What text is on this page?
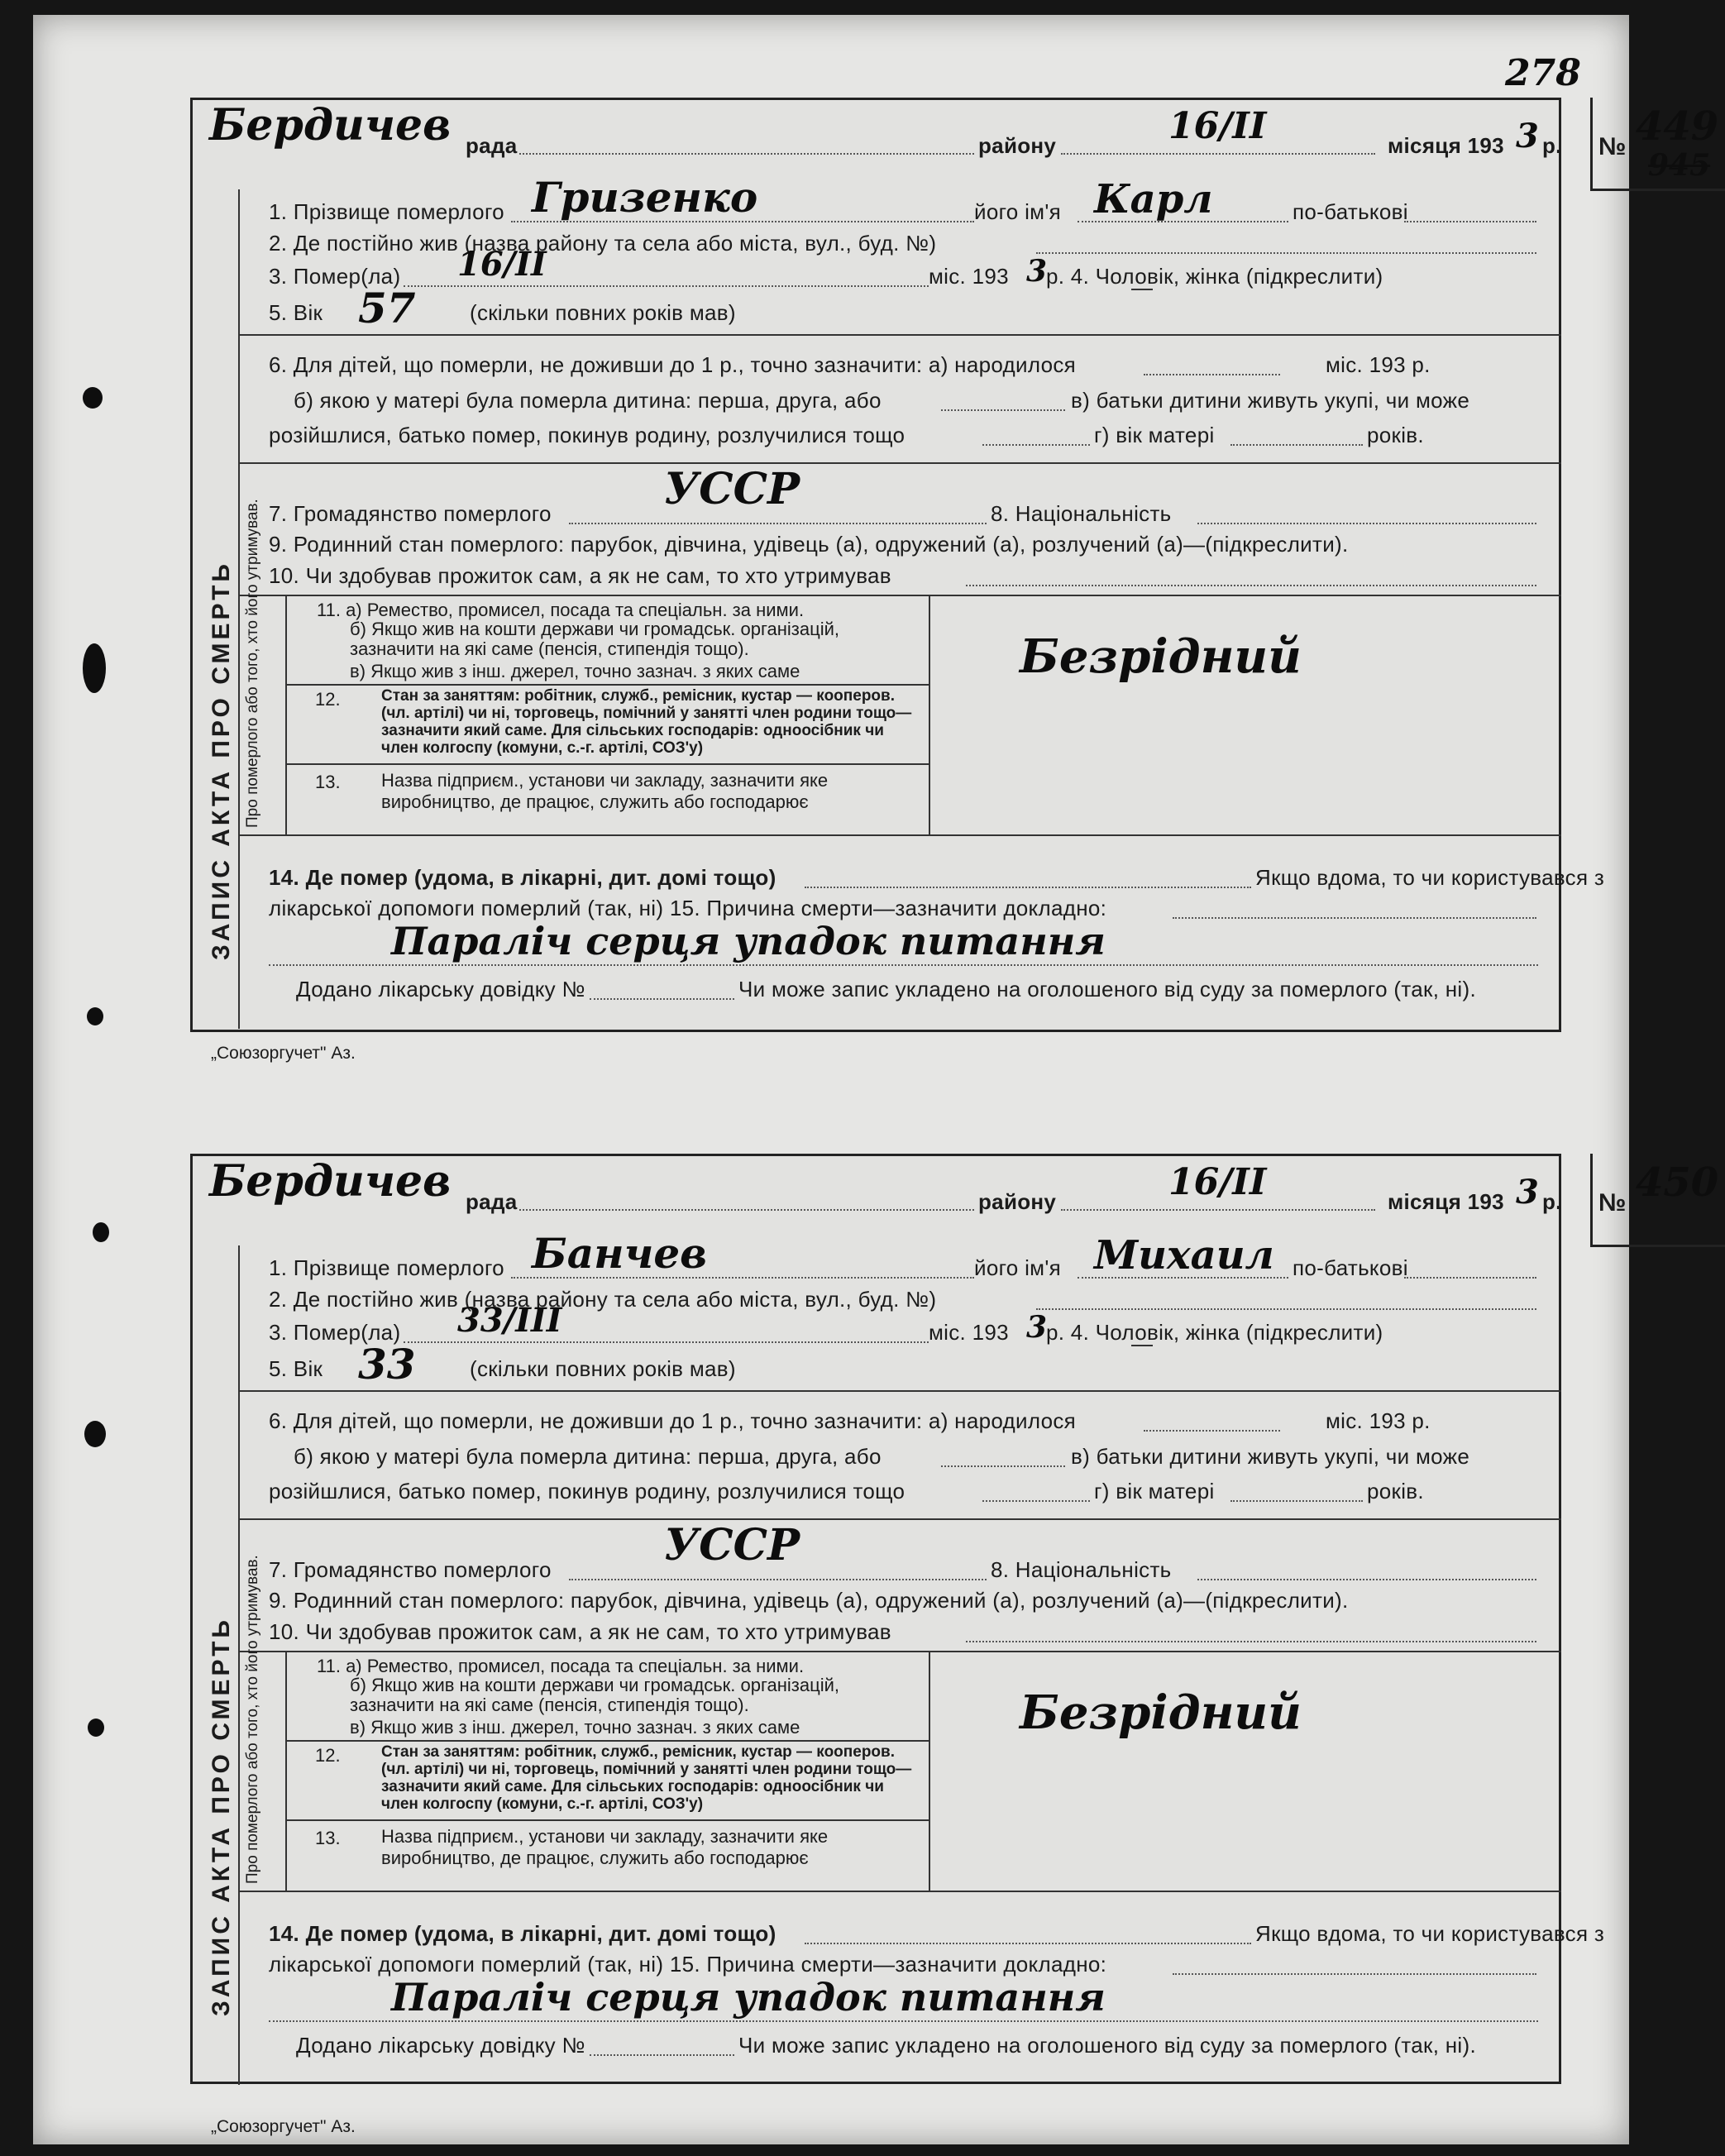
278
Бердичев рада	району	16/II	місяця 193 3 р. № 449
945
ЗАПИС АКТА ПРО СМЕРТЬ
1. Прізвище померлого Гризенко	його ім'я Карл	по-батькові
2. Де постійно жив (назва району та села або міста, вул., буд. №)
3. Помер(ла) 16/II	міс. 193 3
р. 4. Чоловік, жінка (підкреслити)
5. Вік 57	(скільки повних років мав)
6. Для дітей, що померли, не доживши до 1 р., точно зазначити: а) народилося	міс. 193 р.
б) якою у матері була померла дитина: перша, друга, або	в) батьки дитини живуть укупі, чи може
розійшлися, батько помер, покинув родину, розлучилися тощо	г) вік матері	років.
УССР
7. Громадянство померлого	8. Національність
9. Родинний стан померлого: парубок, дівчина, удівець (а), одружений (а), розлучений (а)—(підкреслити).
10. Чи здобував прожиток сам, а як не сам, то хто утримував
Про померлого або того, хто його утримував.	11. а) Ремество, промисел, посада та спеціальн. за ними.
б) Якщо жив на кошти держави чи громадськ. організацій, зазначити на які саме (пенсія, стипендія тощо).
в) Якщо жив з інш. джерел, точно зазнач. з яких саме
12.	Стан за заняттям: робітник, служб., ремісник, кустар — кооперов. (чл. артілі) чи ні, торговець, помічний у занятті член родини тощо—зазначити який саме. Для сільських господарів: одноосібник чи член колгоспу (комуни, с.-г. артілі, СОЗ'у)
13. Назва підприєм., установи чи закладу, зазначити яке виробництво, де працює, служить або господарює
Безрідний
14. Де помер (удома, в лікарні, дит. домі тощо)	Якщо вдома, то чи користувався з
лікарської допомоги померлий (так, ні) 15. Причина смерти—зазначити докладно:
Параліч серця упадок питання
Додано лікарську довідку №	Чи може запис укладено на оголошеного від суду за померлого (так, ні).
Бердичев рада	району	16/II	місяця 193 3 р. № 450
ЗАПИС АКТА ПРО СМЕРТЬ
1. Прізвище померлого Банчев	його ім'я Михаил по-батькові
2. Де постійно жив (назва району та села або міста, вул., буд. №)
3. Помер(ла) 33/III	міс. 193 3
р. 4. Чоловік, жінка (підкреслити)
5. Вік 33	(скільки повних років мав)
6. Для дітей, що померли, не доживши до 1 р., точно зазначити: а) народилося	міс. 193 р.
б) якою у матері була померла дитина: перша, друга, або	в) батьки дитини живуть укупі, чи може
розійшлися, батько помер, покинув родину, розлучилися тощо	г) вік матері	років.
УССР
7. Громадянство померлого	8. Національність
9. Родинний стан померлого: парубок, дівчина, удівець (а), одружений (а), розлучений (а)—(підкреслити).
10. Чи здобував прожиток сам, а як не сам, то хто утримував
Про померлого або того, хто його утримував.	11. а) Ремество, промисел, посада та спеціальн. за ними.
б) Якщо жив на кошти держави чи громадськ. організацій, зазначити на які саме (пенсія, стипендія тощо).
в) Якщо жив з інш. джерел, точно зазнач. з яких саме
12.	Стан за заняттям: робітник, служб., ремісник, кустар — кооперов. (чл. артілі) чи ні, торговець, помічний у занятті член родини тощо—зазначити який саме. Для сільських господарів: одноосібник чи член колгоспу (комуни, с.-г. артілі, СОЗ'у)
13. Назва підприєм., установи чи закладу, зазначити яке виробництво, де працює, служить або господарює
Безрідний
14. Де помер (удома, в лікарні, дит. домі тощо)	Якщо вдома, то чи користувався з
лікарської допомоги померлий (так, ні) 15. Причина смерти—зазначити докладно:
Параліч серця упадок питання
Додано лікарську довідку №	Чи може запис укладено на оголошеного від суду за померлого (так, ні).
„Союзоргучет" Аз.
„Союзоргучет" Аз.
